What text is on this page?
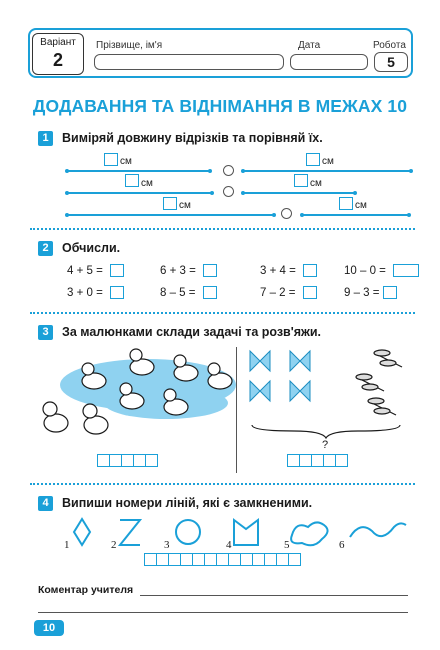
Варіант
2
Прізвище, ім'я	Дата	Робота
5
ДОДАВАННЯ ТА ВІДНІМАННЯ В МЕЖАХ 10
1	Виміряй довжину відрізків та порівняй їх.
см
см
см
см
см
см
2	Обчисли.
4 + 5 =	6 + 3 =	3 + 4 =	10 – 0 =
3 + 0 =	8 – 5 =	7 – 2 =	9 – 3 =
3	За малюнками склади задачі та розв'яжи.
?
4	Випиши номери ліній, які є замкненими.
1	2	3	4	5	6
Коментар учителя
10
